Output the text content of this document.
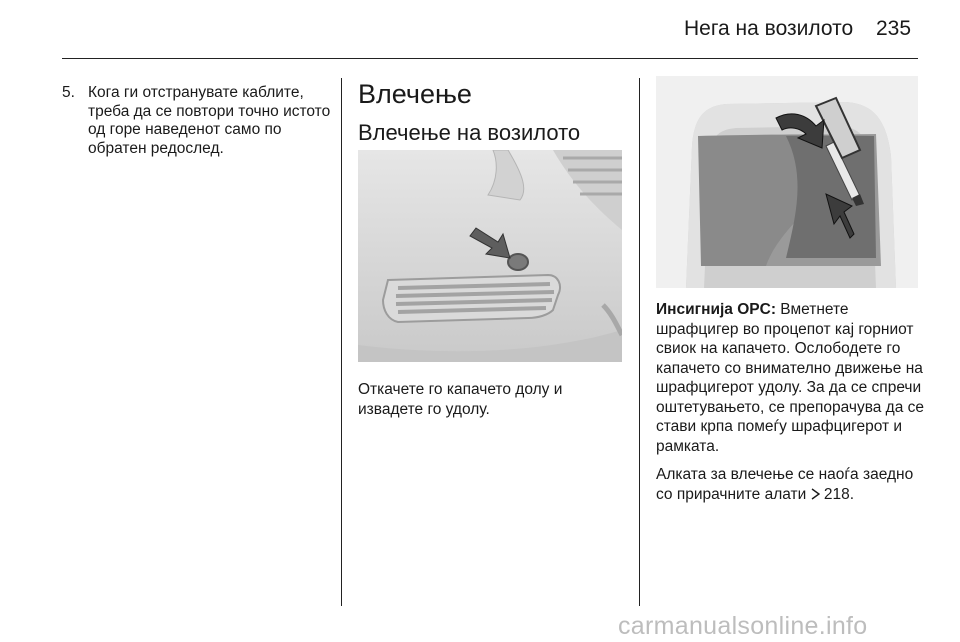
Нега на возилото 235
5. Кога ги отстранувате каблите, треба да се повтори точно истото од горе наведенот само по обратен редослед.
Влечење
Влечење на возилото
Откачете го капачето долу и извадете го удолу.

Инсигнија OPC: Вметнете шрафцигер во процепот кај горниот свиок на капачето. Ослободете го капачето со внимателно движење на шрафцигерот удолу. За да се спречи оштетувањето, се препорачува да се стави крпа помеѓу шрафцигерот и рамката.

Алката за влечење се наоѓа заедно со прирачните алати  218.

carmanualsonline.info
